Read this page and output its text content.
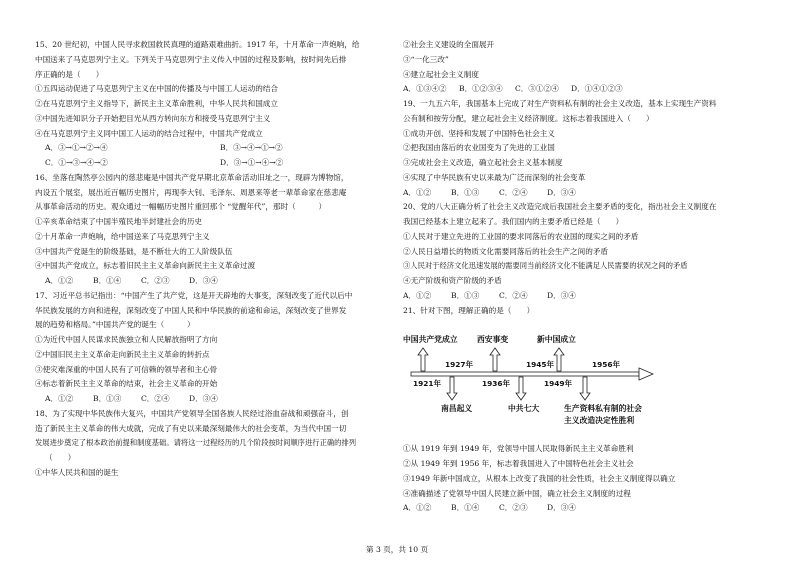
15、20 世纪初，中国人民寻求救国救民真理的道路艰难曲折。1917 年，十月革命一声炮响，给
中国送来了马克思列宁主义。下列关于马克思列宁主义传入中国的过程及影响，按时间先后排
序正确的是（　　）
①五四运动促进了马克思列宁主义在中国的传播及与中国工人运动的结合
②在马克思列宁主义指导下，新民主主义革命胜利，中华人民共和国成立
③中国先进知识分子开始把目光从西方转向东方和接受马克思列宁主义
④在马克思列宁主义同中国工人运动的结合过程中，中国共产党成立
A．③→①→②→④	B．③→④→①→②
C．①→③→④→②	D．③→①→④→②
16、坐落在陶然亭公园内的慈悲庵是中国共产党早期北京革命活动旧址之一，现辟为博物馆，
内设五个展室，展出近百幅历史图片，再现李大钊、毛泽东、周恩来等老一辈革命家在慈悲庵
从事革命活动的历史。观众通过一幅幅历史图片重回那个 “觉醒年代”，那时（　　　）
①辛亥革命结束了中国半殖民地半封建社会的历史
②十月革命一声炮响，给中国送来了马克思列宁主义
③中国共产党诞生的阶级基础，是不断壮大的工人阶级队伍
④中国共产党成立，标志着旧民主主义革命向新民主主义革命过渡
A．①②	B．①④	C．②③	D．③④
17、习近平总书记指出：“中国产生了共产党，这是开天辟地的大事变，深刻改变了近代以后中
华民族发展的方向和进程，深刻改变了中国人民和中华民族的前途和命运，深刻改变了世界发
展的趋势和格局。”中国共产党的诞生（　　　）
①为近代中国人民谋求民族独立和人民解放指明了方向
②中国旧民主主义革命走向新民主主义革命的转折点
③使灾难深重的中国人民有了可信赖的领导者和主心骨
④标志着新民主主义革命的结束，社会主义革命的开始
A．①②	B．①③	C．②④	D．③④
18、为了实现中华民族伟大复兴，中国共产党领导全国各族人民经过浴血奋战和顽强奋斗，创
造了新民主主义革命的伟大成就，完成了有史以来最深刻最伟大的社会变革，为当代中国一切
发展进步奠定了根本政治前提和制度基础。请将这一过程经历的几个阶段按时间顺序进行正确的排列
（　　）
①中华人民共和国的诞生
②社会主义建设的全面展开
③“一化三改”
④建立起社会主义制度
A．①③④②	B．①②③④	C．③①②④	D．①④①②③
19、一九五六年，我国基本上完成了对生产资料私有制的社会主义改造，基本上实现生产资料
公有制和按劳分配，建立起社会主义经济制度。这标志着我国进入（　　）
①成功开创、坚持和发展了中国特色社会主义
②把我国由落后的农业国变为了先进的工业国
③完成社会主义改造，确立起社会主义基本制度
④实现了中华民族有史以来最为广泛而深刻的社会变革
A．①②	B．①③	C．②④	D．③④
20、党的八大正确分析了社会主义改造完成后我国社会主要矛盾的变化，指出社会主义制度在
我国已经基本上建立起来了。我们国内的主要矛盾已经是（　　）
①人民对于建立先进的工业国的要求同落后的农业国的现实之间的矛盾
②人民日益增长的物质文化需要同落后的社会生产之间的矛盾
③人民对于经济文化迅速发展的需要同当前经济文化不能满足人民需要的状况之间的矛盾
④无产阶级和资产阶级的矛盾
A．①②	B．①③	C．②④	D．③④
21、针对下图，理解正确的是（　　）
中国共产党成立 西安事变	新中国成立
1927年	1945年	1956年
1921年	1936年	1949年
南昌起义	中共七大	生产资料私有制的社会
主义改造决定性胜利
①从 1919 年到 1949 年，党领导中国人民取得新民主主义革命胜利
②从 1949 年到 1956 年，标志着我国进入了中国特色社会主义社会
③1949 年新中国成立，从根本上改变了我国的社会性质，社会主义制度得以确立
④准确描述了党领导中国人民建立新中国，确立社会主义制度的过程
A．①②	B．①④	C．②③	D．③④
第 3 页，共 10 页
